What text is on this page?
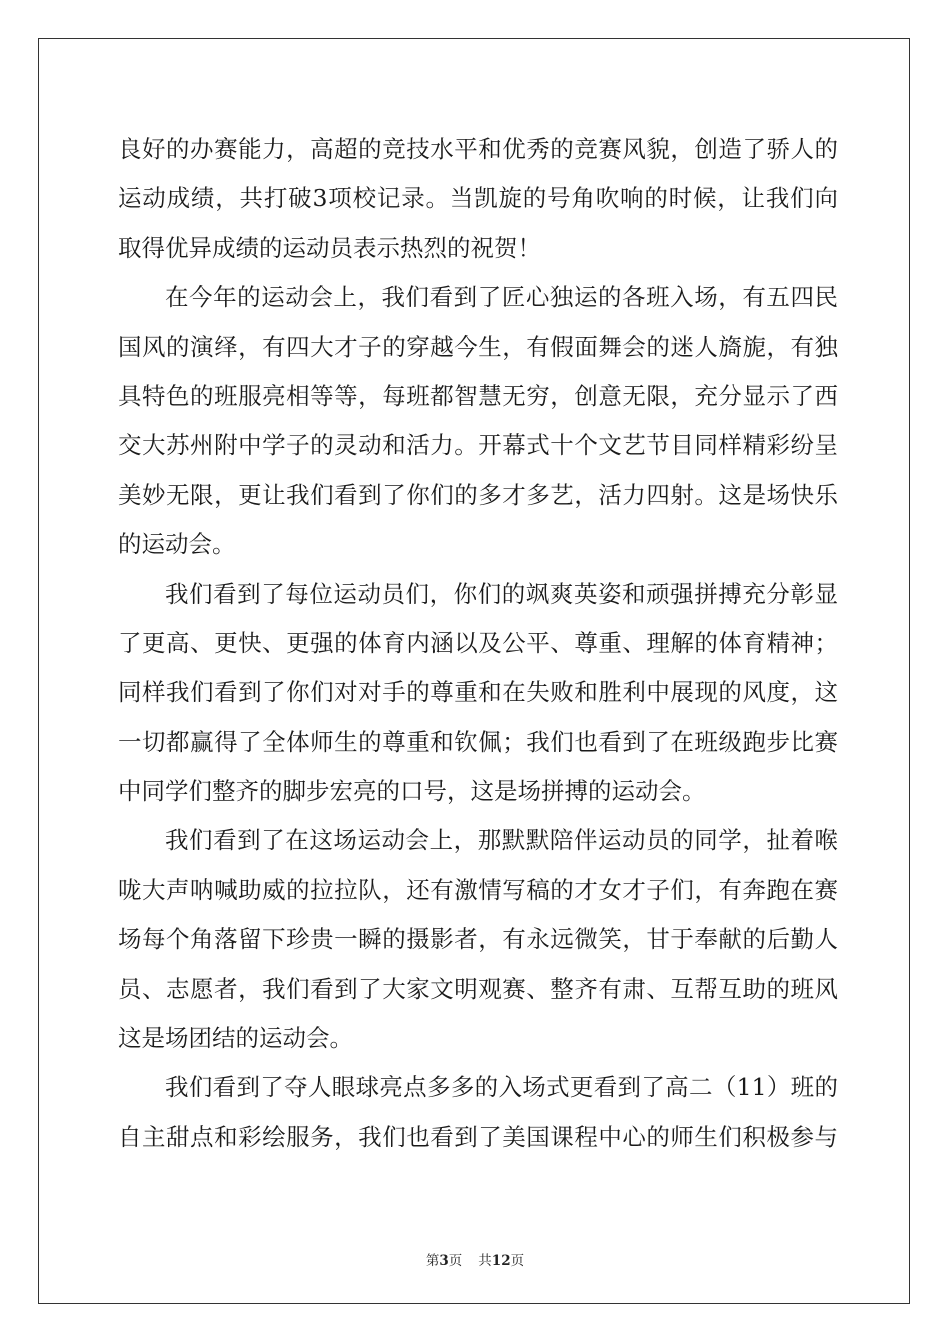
良好的办赛能力，高超的竞技水平和优秀的竞赛风貌，创造了骄人的
运动成绩，共打破3项校记录。当凯旋的号角吹响的时候，让我们向
取得优异成绩的运动员表示热烈的祝贺！
在今年的运动会上，我们看到了匠心独运的各班入场，有五四民
国风的演绎，有四大才子的穿越今生，有假面舞会的迷人旖旎，有独
具特色的班服亮相等等，每班都智慧无穷，创意无限，充分显示了西
交大苏州附中学子的灵动和活力。开幕式十个文艺节目同样精彩纷呈
美妙无限，更让我们看到了你们的多才多艺，活力四射。这是场快乐
的运动会。
我们看到了每位运动员们，你们的飒爽英姿和顽强拼搏充分彰显
了更高、更快、更强的体育内涵以及公平、尊重、理解的体育精神；
同样我们看到了你们对对手的尊重和在失败和胜利中展现的风度，这
一切都赢得了全体师生的尊重和钦佩；我们也看到了在班级跑步比赛
中同学们整齐的脚步宏亮的口号，这是场拼搏的运动会。
我们看到了在这场运动会上，那默默陪伴运动员的同学，扯着喉
咙大声呐喊助威的拉拉队，还有激情写稿的才女才子们，有奔跑在赛
场每个角落留下珍贵一瞬的摄影者，有永远微笑，甘于奉献的后勤人
员、志愿者，我们看到了大家文明观赛、整齐有肃、互帮互助的班风
这是场团结的运动会。
我们看到了夺人眼球亮点多多的入场式更看到了高二（11）班的
自主甜点和彩绘服务，我们也看到了美国课程中心的师生们积极参与
第3页 共12页
